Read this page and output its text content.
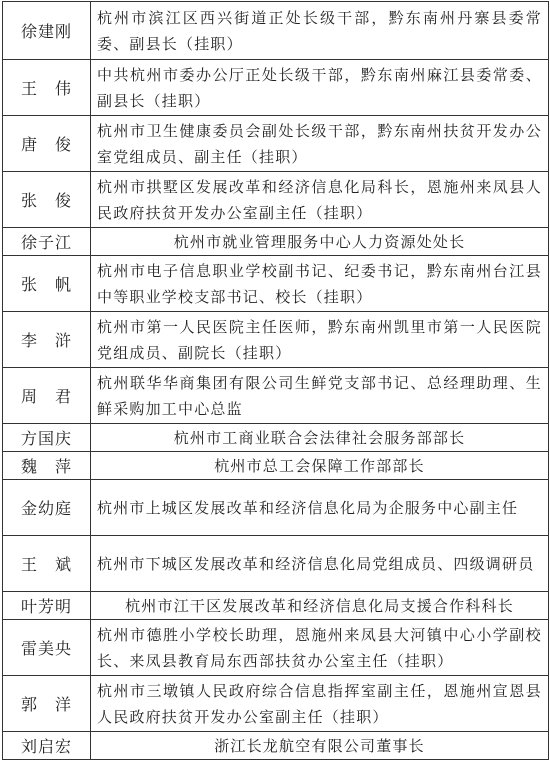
徐建刚	杭州市滨江区西兴街道正处长级干部，黔东南州丹寨县委常委、副县长（挂职）
王　伟	中共杭州市委办公厅正处长级干部，黔东南州麻江县委常委、副县长（挂职）
唐　俊	杭州市卫生健康委员会副处长级干部，黔东南州扶贫开发办公室党组成员、副主任（挂职）
张　俊	杭州市拱墅区发展改革和经济信息化局科长，恩施州来凤县人民政府扶贫开发办公室副主任（挂职）
徐子江	杭州市就业管理服务中心人力资源处处长
张　帆	杭州市电子信息职业学校副书记、纪委书记，黔东南州台江县中等职业学校支部书记、校长（挂职）
李　浒	杭州市第一人民医院主任医师，黔东南州凯里市第一人民医院党组成员、副院长（挂职）
周　君	杭州联华华商集团有限公司生鲜党支部书记、总经理助理、生鲜采购加工中心总监
方国庆	杭州市工商业联合会法律社会服务部部长
魏　萍	杭州市总工会保障工作部部长
金幼庭	杭州市上城区发展改革和经济信息化局为企服务中心副主任
王　斌	杭州市下城区发展改革和经济信息化局党组成员、四级调研员
叶芳明	杭州市江干区发展改革和经济信息化局支援合作科科长
雷美央	杭州市德胜小学校长助理，恩施州来凤县大河镇中心小学副校长、来凤县教育局东西部扶贫办公室主任（挂职）
郭　洋	杭州市三墩镇人民政府综合信息指挥室副主任，恩施州宣恩县人民政府扶贫开发办公室副主任（挂职）
刘启宏	浙江长龙航空有限公司董事长
